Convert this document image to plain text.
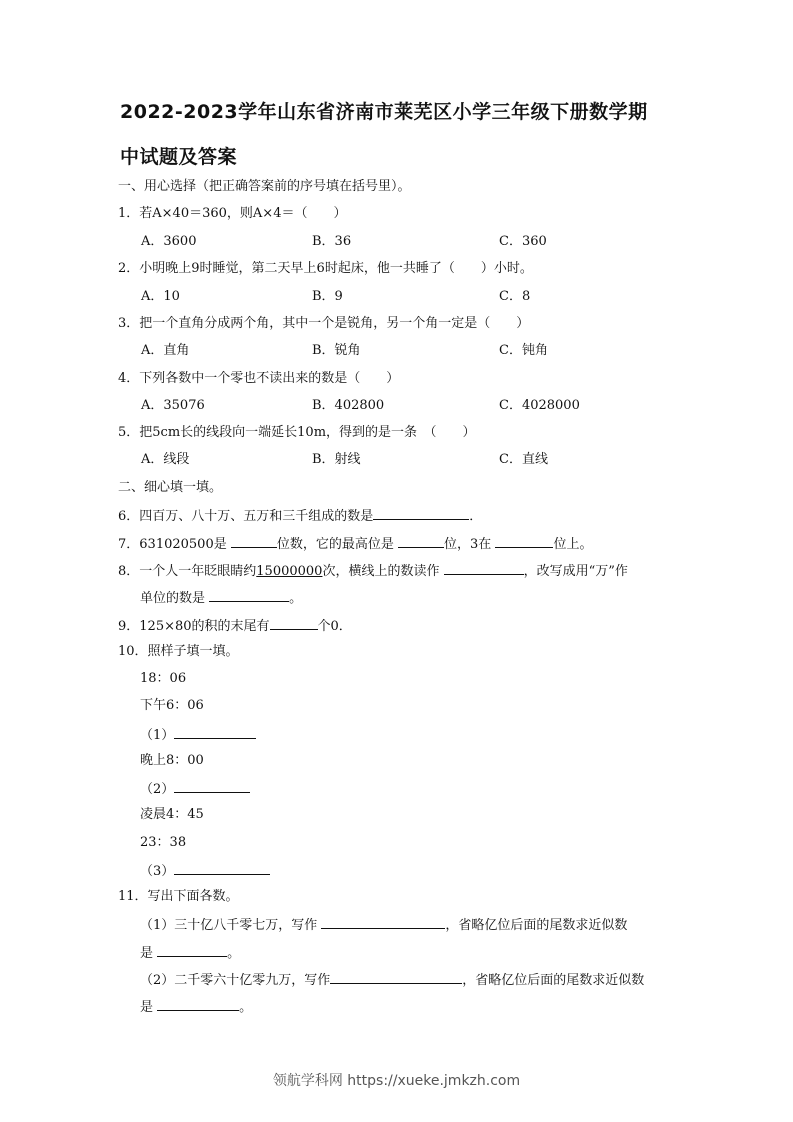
2022-2023学年山东省济南市莱芜区小学三年级下册数学期
中试题及答案
一、用心选择（把正确答案前的序号填在括号里）。
1．若A×40＝360，则A×4＝（　　）
A．3600	B．36	C．360
2．小明晚上9时睡觉，第二天早上6时起床，他一共睡了（　　）小时。
A．10	B．9	C．8
3．把一个直角分成两个角，其中一个是锐角，另一个角一定是（　　）
A．直角	B．锐角	C．钝角
4．下列各数中一个零也不读出来的数是（　　）
A．35076	B．402800	C．4028000
5．把5cm长的线段向一端延长10m，得到的是一条　（　　）
A．线段	B．射线	C．直线
二、细心填一填。
6．四百万、八十万、五万和三千组成的数是	．
7．631020500是	位数，它的最高位是	位，3在	位上。
8．一个人一年眨眼睛约15000000次，横线上的数读作	，改写成用“万”作
单位的数是	。
9．125×80的积的末尾有	个0．
10．照样子填一填。
18：06
下午6：06
（1）
晚上8：00
（2）
凌晨4：45
23：38
（3）
11．写出下面各数。
（1）三十亿八千零七万，写作	，省略亿位后面的尾数求近似数
是	。
（2）二千零六十亿零九万，写作	，省略亿位后面的尾数求近似数
是	。
领航学科网 https://xueke.jmkzh.com
